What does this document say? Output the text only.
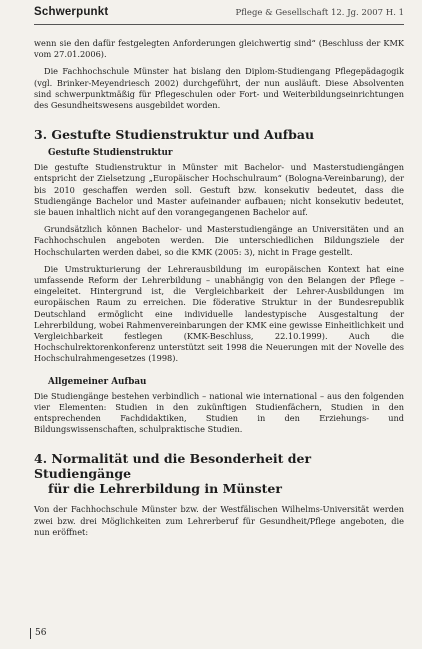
Schwerpunkt	Pflege & Gesellschaft 12. Jg. 2007 H. 1

wenn sie den dafür festgelegten Anforderungen gleichwertig sind“ (Beschluss der KMK vom 27.01.2006).

Die Fachhochschule Münster hat bislang den Diplom-Studiengang Pflegepädagogik (vgl. Brinker-Meyendriesch 2002) durchgeführt, der nun ausläuft. Diese Absolventen sind schwerpunktmäßig für Pflegeschulen oder Fort- und Weiterbildungseinrichtungen des Gesundheitswesens ausgebildet worden.

3. Gestufte Studienstruktur und Aufbau
Gestufte Studienstruktur

Die gestufte Studienstruktur in Münster mit Bachelor- und Masterstudiengängen entspricht der Zielsetzung „Europäischer Hochschulraum“ (Bologna-Vereinbarung), der bis 2010 geschaffen werden soll. Gestuft bzw. konsekutiv bedeutet, dass die Studiengänge Bachelor und Master aufeinander aufbauen; nicht konsekutiv bedeutet, sie bauen inhaltlich nicht auf den vorangegangenen Bachelor auf.

Grundsätzlich können Bachelor- und Masterstudiengänge an Universitäten und an Fachhochschulen angeboten werden. Die unterschiedlichen Bildungsziele der Hochschularten werden dabei, so die KMK (2005: 3), nicht in Frage gestellt.

Die Umstrukturierung der Lehrerausbildung im europäischen Kontext hat eine umfassende Reform der Lehrerbildung – unabhängig von den Belangen der Pflege – eingeleitet. Hintergrund ist, die Vergleichbarkeit der Lehrer-Ausbildungen im europäischen Raum zu erreichen. Die föderative Struktur in der Bundesrepublik Deutschland ermöglicht eine individuelle landestypische Ausgestaltung der Lehrerbildung, wobei Rahmenvereinbarungen der KMK eine gewisse Einheitlichkeit und Vergleichbarkeit festlegen (KMK-Beschluss, 22.10.1999). Auch die Hochschulrektorenkonferenz unterstützt seit 1998 die Neuerungen mit der Novelle des Hochschulrahmengesetzes (1998).

Allgemeiner Aufbau

Die Studiengänge bestehen verbindlich – national wie international – aus den folgenden vier Elementen: Studien in den zukünftigen Studienfächern, Studien in den entsprechenden Fachdidaktiken, Studien in den Erziehungs- und Bildungswissenschaften, schulpraktische Studien.

4. Normalität und die Besonderheit der Studiengänge
für die Lehrerbildung in Münster

Von der Fachhochschule Münster bzw. der Westfälischen Wilhelms-Universität werden zwei bzw. drei Möglichkeiten zum Lehrerberuf für Gesundheit/Pflege angeboten, die nun eröffnet:

56
